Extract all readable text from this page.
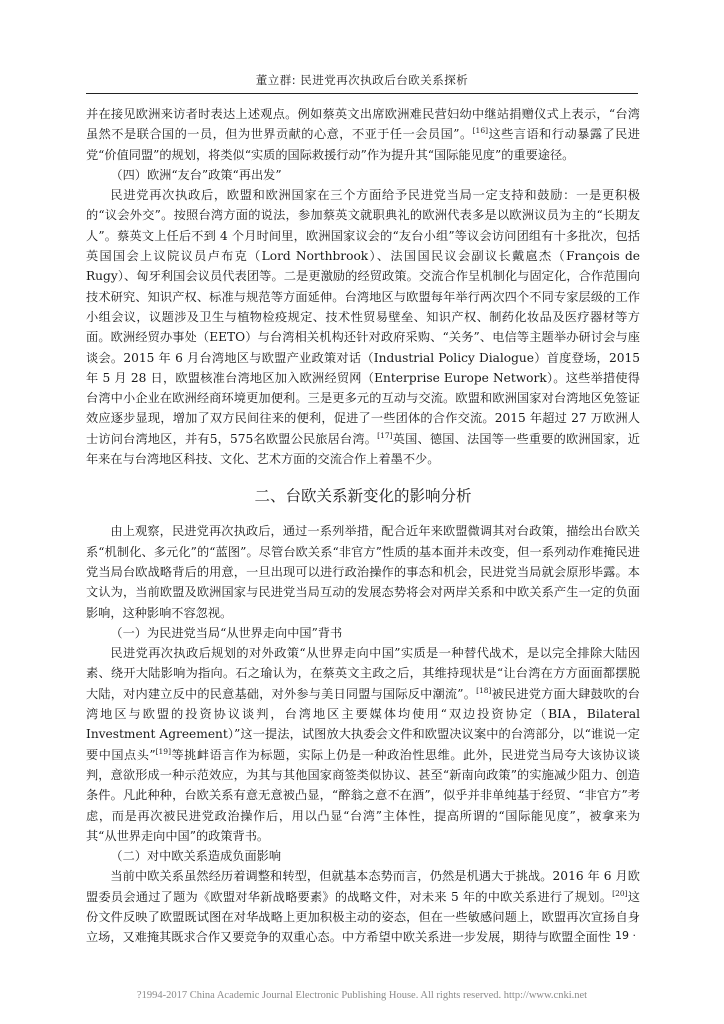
董立群: 民进党再次执政后台欧关系探析

并在接见欧洲来访者时表达上述观点。例如蔡英文出席欧洲难民营妇幼中继站捐赠仪式上表示，“台湾虽然不是联合国的一员，但为世界贡献的心意，不亚于任一会员国”。[16]这些言语和行动暴露了民进党“价值同盟”的规划，将类似“实质的国际救援行动”作为提升其“国际能见度”的重要途径。

（四）欧洲“友台”政策“再出发”

民进党再次执政后，欧盟和欧洲国家在三个方面给予民进党当局一定支持和鼓励：一是更积极的“议会外交”。按照台湾方面的说法，参加蔡英文就职典礼的欧洲代表多是以欧洲议员为主的“长期友人”。蔡英文上任后不到 4 个月时间里，欧洲国家议会的“友台小组”等议会访问团组有十多批次，包括英国国会上议院议员卢布克（Lord Northbrook）、法国国民议会副议长戴扈杰（François de Rugy）、匈牙利国会议员代表团等。二是更激励的经贸政策。交流合作呈机制化与固定化，合作范围向技术研究、知识产权、标准与规范等方面延伸。台湾地区与欧盟每年举行两次四个不同专家层级的工作小组会议，议题涉及卫生与植物检疫规定、技术性贸易壁垒、知识产权、制药化妆品及医疗器材等方面。欧洲经贸办事处（EETO）与台湾相关机构还针对政府采购、“关务”、电信等主题举办研讨会与座谈会。2015 年 6 月台湾地区与欧盟产业政策对话（Industrial Policy Dialogue）首度登场，2015 年 5 月 28 日，欧盟核准台湾地区加入欧洲经贸网（Enterprise Europe Network）。这些举措使得台湾中小企业在欧洲经商环境更加便利。三是更多元的互动与交流。欧盟和欧洲国家对台湾地区免签证效应逐步显现，增加了双方民间往来的便利，促进了一些团体的合作交流。2015 年超过 27 万欧洲人士访问台湾地区，并有5，575名欧盟公民旅居台湾。[17]英国、德国、法国等一些重要的欧洲国家，近年来在与台湾地区科技、文化、艺术方面的交流合作上着墨不少。

二、台欧关系新变化的影响分析

由上观察，民进党再次执政后，通过一系列举措，配合近年来欧盟微调其对台政策，描绘出台欧关系“机制化、多元化”的“蓝图”。尽管台欧关系“非官方”性质的基本面并未改变，但一系列动作难掩民进党当局台欧战略背后的用意，一旦出现可以进行政治操作的事态和机会，民进党当局就会原形毕露。本文认为，当前欧盟及欧洲国家与民进党当局互动的发展态势将会对两岸关系和中欧关系产生一定的负面影响，这种影响不容忽视。

（一）为民进党当局“从世界走向中国”背书

民进党再次执政后规划的对外政策“从世界走向中国”实质是一种替代战术，是以完全排除大陆因素、绕开大陆影响为指向。石之瑜认为，在蔡英文主政之后，其维持现状是“让台湾在方方面面都摆脱大陆，对内建立反中的民意基础，对外参与美日同盟与国际反中潮流”。[18]被民进党方面大肆鼓吹的台湾地区与欧盟的投资协议谈判，台湾地区主要媒体均使用“双边投资协定（BIA，Bilateral Investment Agreement）”这一提法，试图放大执委会文件和欧盟决议案中的台湾部分，以“谁说一定要中国点头”[19]等挑衅语言作为标题，实际上仍是一种政治性思维。此外，民进党当局夸大该协议谈判，意欲形成一种示范效应，为其与其他国家商签类似协议、甚至“新南向政策”的实施减少阻力、创造条件。凡此种种，台欧关系有意无意被凸显，“醉翁之意不在酒”，似乎并非单纯基于经贸、“非官方”考虑，而是再次被民进党政治操作后，用以凸显“台湾”主体性，提高所谓的“国际能见度”，被拿来为其“从世界走向中国”的政策背书。

（二）对中欧关系造成负面影响

当前中欧关系虽然经历着调整和转型，但就基本态势而言，仍然是机遇大于挑战。2016 年 6 月欧盟委员会通过了题为《欧盟对华新战略要素》的战略文件，对未来 5 年的中欧关系进行了规划。[20]这份文件反映了欧盟既试图在对华战略上更加积极主动的姿态，但在一些敏感问题上，欧盟再次宣扬自身立场，又难掩其既求合作又要竞争的双重心态。中方希望中欧关系进一步发展，期待与欧盟全面性

· 19 ·
?1994-2017 China Academic Journal Electronic Publishing House. All rights reserved. http://www.cnki.net
